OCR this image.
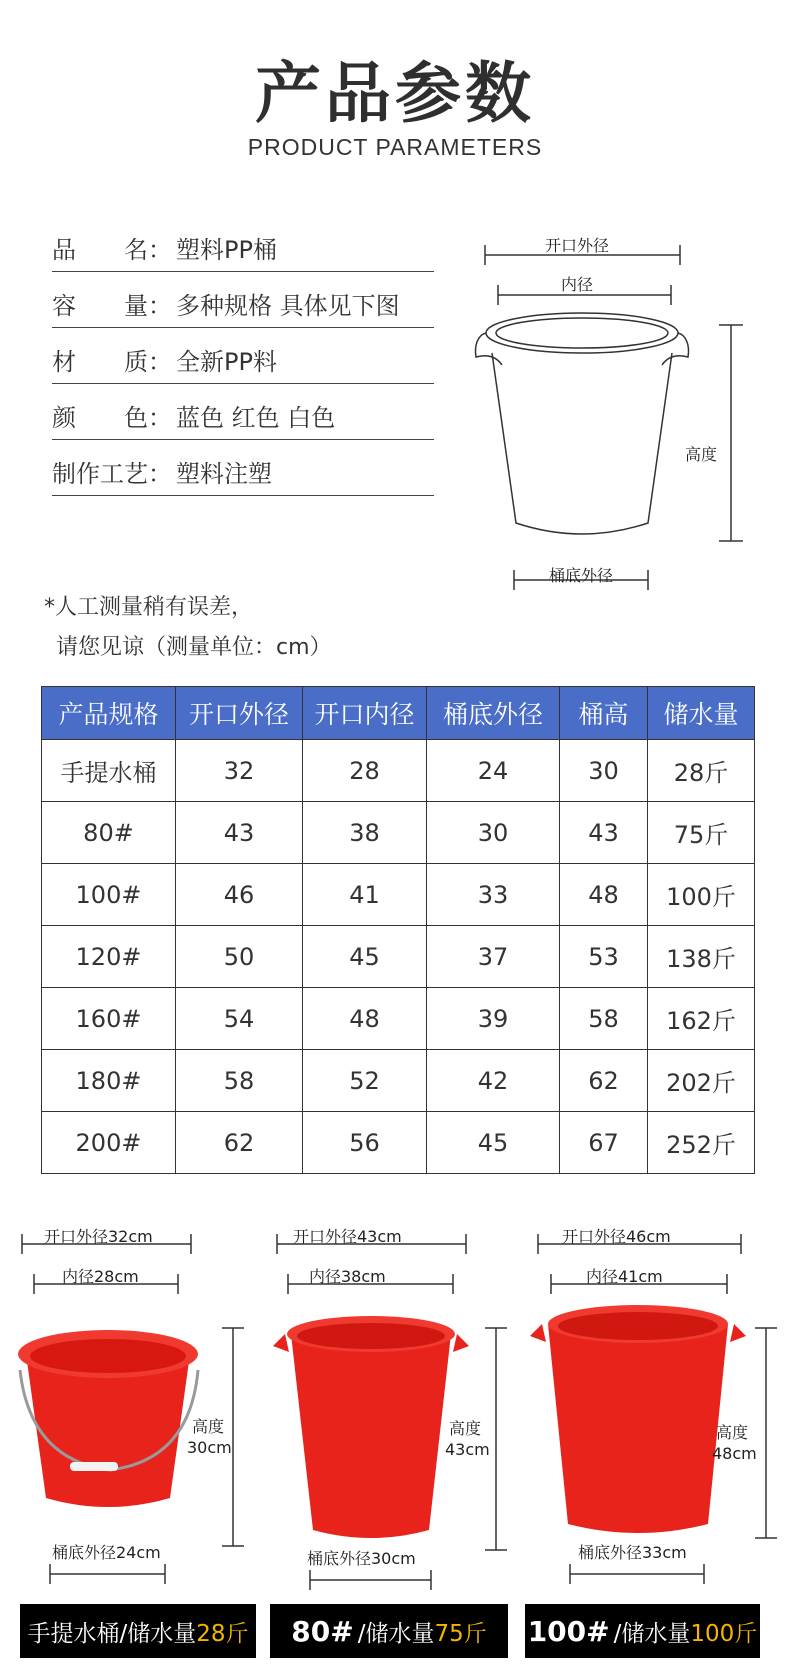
产品参数
PRODUCT PARAMETERS
品　　名： 塑料PP桶
容　　量： 多种规格 具体见下图
材　　质： 全新PP料
颜　　色： 蓝色 红色 白色
制作工艺： 塑料注塑
开口外径
内径
高度
桶底外径
*人工测量稍有误差，
请您见谅（测量单位：cm）
产品规格	开口外径	开口内径	桶底外径	桶高	储水量
手提水桶	32	28	24	30	28斤
80#	43	38	30	43	75斤
100#	46	41	33	48	100斤
120#	50	45	37	53	138斤
160#	54	48	39	58	162斤
180#	58	52	42	62	202斤
200#	62	56	45	67	252斤
开口外径32cm
内径28cm
高度
30cm
桶底外径24cm
手提水桶 /储水量 28斤
开口外径43cm
内径38cm
高度
43cm
桶底外径30cm
80# /储水量 75斤
开口外径46cm
内径41cm
高度
48cm
桶底外径33cm
100# /储水量 100斤
